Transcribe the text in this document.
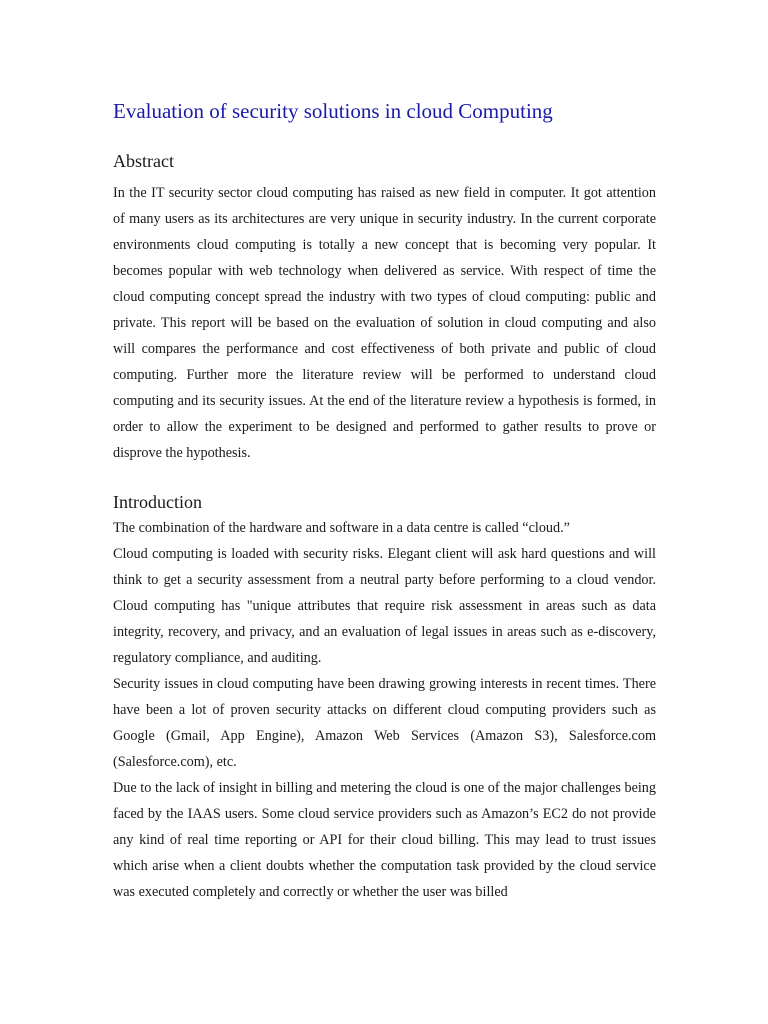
Evaluation of security solutions in cloud Computing
Abstract

In the IT security sector cloud computing has raised as new field in computer. It got attention of many users as its architectures are very unique in security industry. In the current corporate environments cloud computing is totally a new concept that is becoming very popular. It becomes popular with web technology when delivered as service. With respect of time the cloud computing concept spread the industry with two types of cloud computing: public and private. This report will be based on the evaluation of solution in cloud computing and also will compares the performance and cost effectiveness of both private and public of cloud computing. Further more the literature review will be performed to understand cloud computing and its security issues. At the end of the literature review a hypothesis is formed, in order to allow the experiment to be designed and performed to gather results to prove or disprove the hypothesis.

Introduction

The combination of the hardware and software in a data centre is called “cloud.”

Cloud computing is loaded with security risks. Elegant client will ask hard questions and will think to get a security assessment from a neutral party before performing to a cloud vendor. Cloud computing has "unique attributes that require risk assessment in areas such as data integrity, recovery, and privacy, and an evaluation of legal issues in areas such as e-discovery, regulatory compliance, and auditing.

Security issues in cloud computing have been drawing growing interests in recent times. There have been a lot of proven security attacks on different cloud computing providers such as Google (Gmail, App Engine), Amazon Web Services (Amazon S3), Salesforce.com (Salesforce.com), etc.

Due to the lack of insight in billing and metering the cloud is one of the major challenges being faced by the IAAS users. Some cloud service providers such as Amazon’s EC2 do not provide any kind of real time reporting or API for their cloud billing. This may lead to trust issues which arise when a client doubts whether the computation task provided by the cloud service was executed completely and correctly or whether the user was billed
